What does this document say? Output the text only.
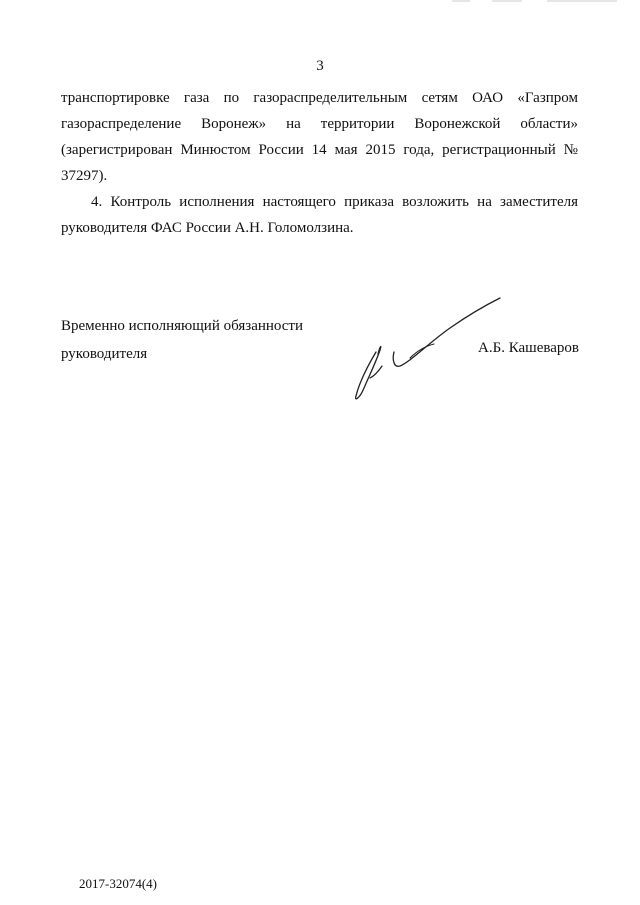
3

транспортировке газа по газораспределительным сетям ОАО «Газпром газораспределение Воронеж» на территории Воронежской области» (зарегистрирован Минюстом России 14 мая 2015 года, регистрационный № 37297).

4. Контроль исполнения настоящего приказа возложить на заместителя руководителя ФАС России А.Н. Голомолзина.

Временно исполняющий обязанности
руководителя	А.Б. Кашеваров
2017-32074(4)
